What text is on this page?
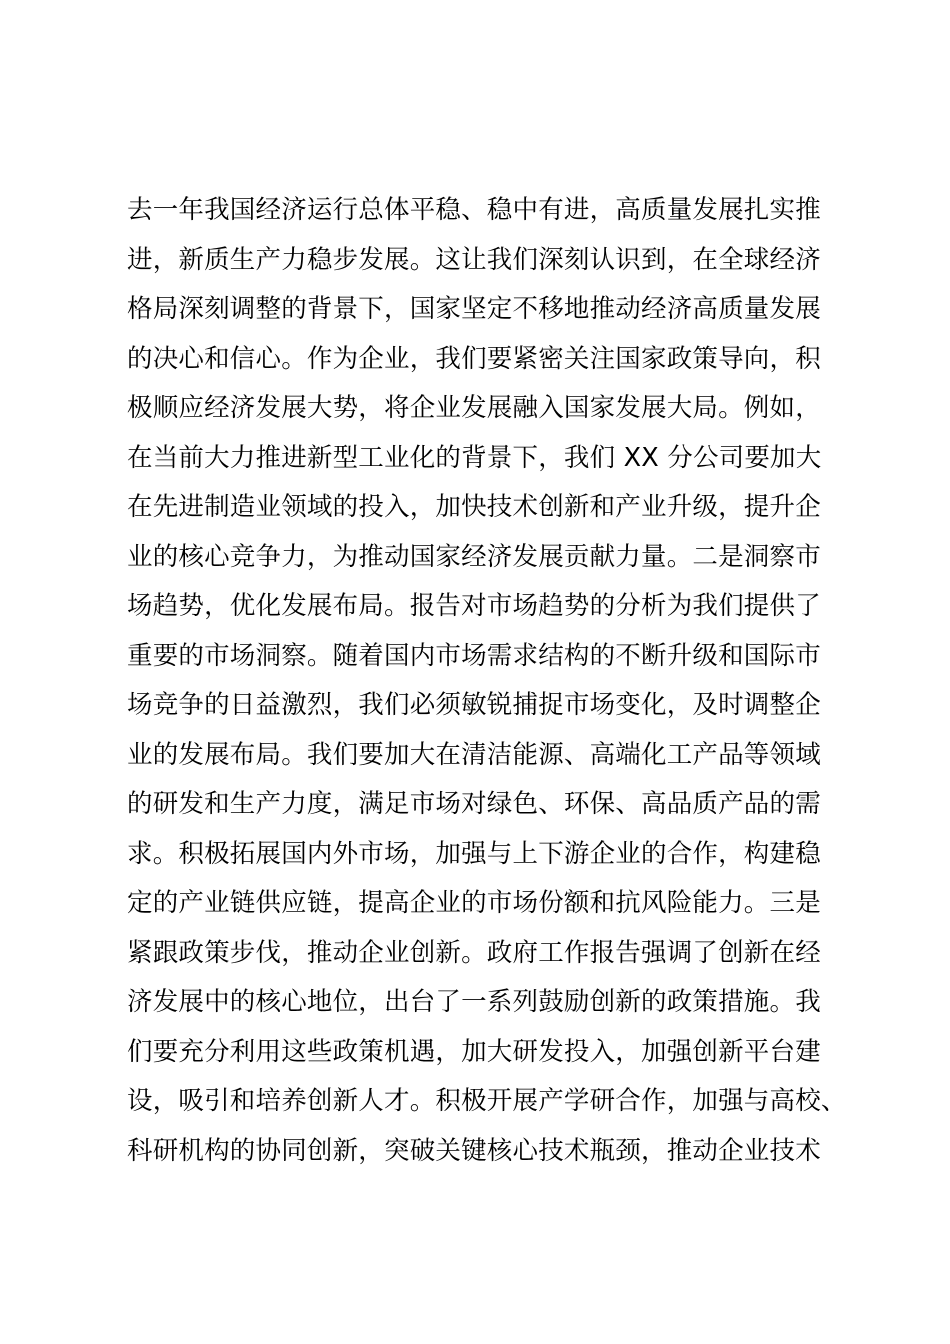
去一年我国经济运行总体平稳、稳中有进，高质量发展扎实推
进，新质生产力稳步发展。这让我们深刻认识到，在全球经济
格局深刻调整的背景下，国家坚定不移地推动经济高质量发展
的决心和信心。作为企业，我们要紧密关注国家政策导向，积
极顺应经济发展大势，将企业发展融入国家发展大局。例如，
在当前大力推进新型工业化的背景下，我们 XX 分公司要加大
在先进制造业领域的投入，加快技术创新和产业升级，提升企
业的核心竞争力，为推动国家经济发展贡献力量。二是洞察市
场趋势，优化发展布局。报告对市场趋势的分析为我们提供了
重要的市场洞察。随着国内市场需求结构的不断升级和国际市
场竞争的日益激烈，我们必须敏锐捕捉市场变化，及时调整企
业的发展布局。我们要加大在清洁能源、高端化工产品等领域
的研发和生产力度，满足市场对绿色、环保、高品质产品的需
求。积极拓展国内外市场，加强与上下游企业的合作，构建稳
定的产业链供应链，提高企业的市场份额和抗风险能力。三是
紧跟政策步伐，推动企业创新。政府工作报告强调了创新在经
济发展中的核心地位，出台了一系列鼓励创新的政策措施。我
们要充分利用这些政策机遇，加大研发投入，加强创新平台建
设，吸引和培养创新人才。积极开展产学研合作，加强与高校、
科研机构的协同创新，突破关键核心技术瓶颈，推动企业技术
